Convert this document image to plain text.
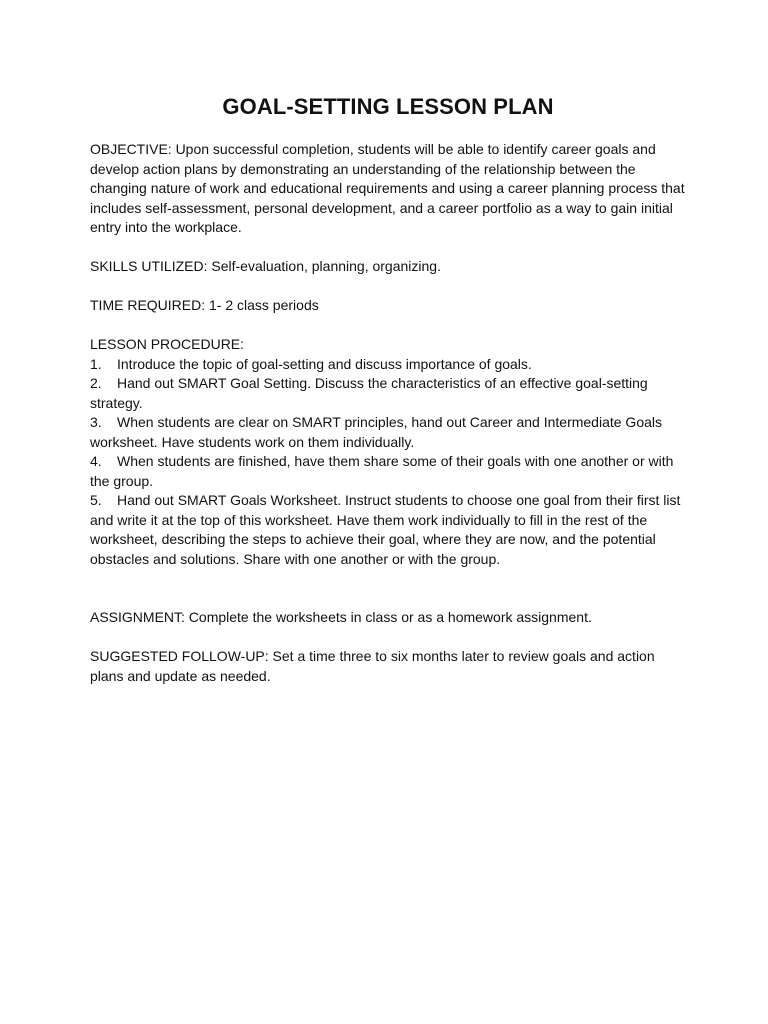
GOAL-SETTING LESSON PLAN

OBJECTIVE: Upon successful completion, students will be able to identify career goals and develop action plans by demonstrating an understanding of the relationship between the changing nature of work and educational requirements and using a career planning process that includes self-assessment, personal development, and a career portfolio as a way to gain initial entry into the workplace.

SKILLS UTILIZED: Self-evaluation, planning, organizing.

TIME REQUIRED: 1- 2 class periods

LESSON PROCEDURE:

1. Introduce the topic of goal-setting and discuss importance of goals.
2. Hand out SMART Goal Setting. Discuss the characteristics of an effective goal-setting strategy.
3. When students are clear on SMART principles, hand out Career and Intermediate Goals worksheet. Have students work on them individually.
4. When students are finished, have them share some of their goals with one another or with the group.
5. Hand out SMART Goals Worksheet. Instruct students to choose one goal from their first list and write it at the top of this worksheet. Have them work individually to fill in the rest of the worksheet, describing the steps to achieve their goal, where they are now, and the potential obstacles and solutions. Share with one another or with the group.

ASSIGNMENT: Complete the worksheets in class or as a homework assignment.

SUGGESTED FOLLOW-UP: Set a time three to six months later to review goals and action plans and update as needed.
